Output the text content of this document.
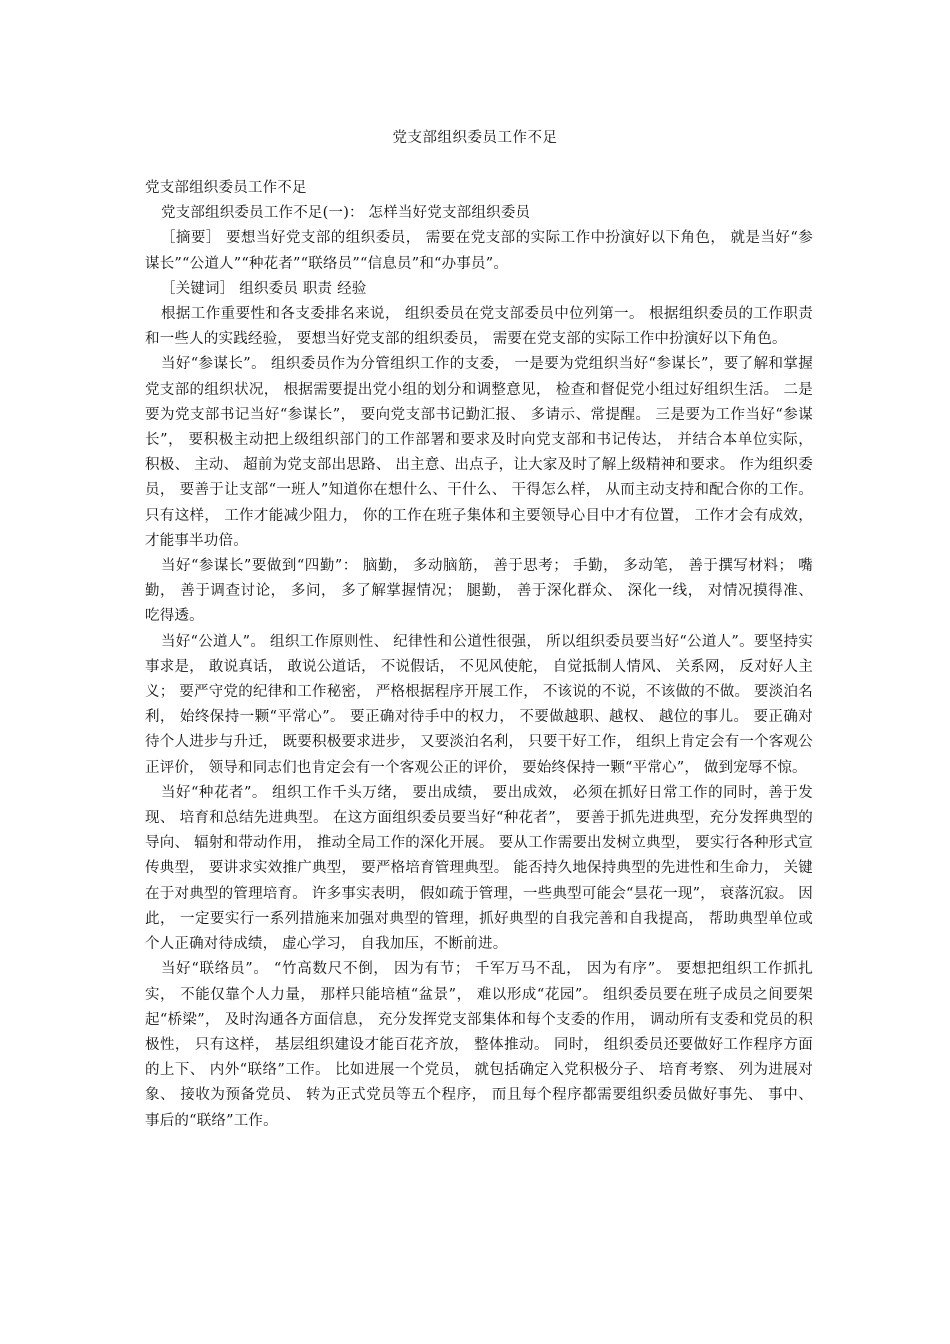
党支部组织委员工作不足

党支部组织委员工作不足

党支部组织委员工作不足(一)： 怎样当好党支部组织委员

［摘要］ 要想当好党支部的组织委员， 需要在党支部的实际工作中扮演好以下角色， 就是当好“参谋长”“公道人”“种花者”“联络员”“信息员”和“办事员”。

［关键词］ 组织委员 职责 经验

根据工作重要性和各支委排名来说， 组织委员在党支部委员中位列第一。 根据组织委员的工作职责和一些人的实践经验， 要想当好党支部的组织委员， 需要在党支部的实际工作中扮演好以下角色。

当好“参谋长”。 组织委员作为分管组织工作的支委， 一是要为党组织当好“参谋长”，要了解和掌握党支部的组织状况， 根据需要提出党小组的划分和调整意见， 检查和督促党小组过好组织生活。 二是要为党支部书记当好“参谋长”， 要向党支部书记勤汇报、 多请示、常提醒。 三是要为工作当好“参谋长”， 要积极主动把上级组织部门的工作部署和要求及时向党支部和书记传达， 并结合本单位实际， 积极、 主动、 超前为党支部出思路、 出主意、出点子，让大家及时了解上级精神和要求。 作为组织委员， 要善于让支部“一班人”知道你在想什么、干什么、 干得怎么样， 从而主动支持和配合你的工作。 只有这样， 工作才能减少阻力， 你的工作在班子集体和主要领导心目中才有位置， 工作才会有成效， 才能事半功倍。

当好“参谋长”要做到“四勤”： 脑勤， 多动脑筋， 善于思考； 手勤， 多动笔， 善于撰写材料； 嘴勤， 善于调查讨论， 多问， 多了解掌握情况； 腿勤， 善于深化群众、 深化一线， 对情况摸得准、 吃得透。

当好“公道人”。 组织工作原则性、 纪律性和公道性很强， 所以组织委员要当好“公道人”。要坚持实事求是， 敢说真话， 敢说公道话， 不说假话， 不见风使舵， 自觉抵制人情风、 关系网， 反对好人主义； 要严守党的纪律和工作秘密， 严格根据程序开展工作， 不该说的不说，不该做的不做。 要淡泊名利， 始终保持一颗“平常心”。 要正确对待手中的权力， 不要做越职、越权、 越位的事儿。 要正确对待个人进步与升迁， 既要积极要求进步， 又要淡泊名利， 只要干好工作， 组织上肯定会有一个客观公正评价， 领导和同志们也肯定会有一个客观公正的评价， 要始终保持一颗“平常心”， 做到宠辱不惊。

当好“种花者”。 组织工作千头万绪， 要出成绩， 要出成效， 必须在抓好日常工作的同时，善于发现、 培育和总结先进典型。 在这方面组织委员要当好“种花者”， 要善于抓先进典型，充分发挥典型的导向、 辐射和带动作用， 推动全局工作的深化开展。 要从工作需要出发树立典型， 要实行各种形式宣传典型， 要讲求实效推广典型， 要严格培育管理典型。 能否持久地保持典型的先进性和生命力， 关键在于对典型的管理培育。 许多事实表明， 假如疏于管理，一些典型可能会“昙花一现”， 衰落沉寂。 因此， 一定要实行一系列措施来加强对典型的管理，抓好典型的自我完善和自我提高， 帮助典型单位或个人正确对待成绩， 虚心学习， 自我加压，不断前进。

当好“联络员”。 “竹高数尺不倒， 因为有节； 千军万马不乱， 因为有序”。 要想把组织工作抓扎实， 不能仅靠个人力量， 那样只能培植“盆景”， 难以形成“花园”。 组织委员要在班子成员之间要架起“桥梁”， 及时沟通各方面信息， 充分发挥党支部集体和每个支委的作用， 调动所有支委和党员的积极性， 只有这样， 基层组织建设才能百花齐放， 整体推动。 同时， 组织委员还要做好工作程序方面的上下、 内外“联络”工作。 比如进展一个党员， 就包括确定入党积极分子、 培育考察、 列为进展对象、 接收为预备党员、 转为正式党员等五个程序， 而且每个程序都需要组织委员做好事先、 事中、 事后的“联络”工作。
